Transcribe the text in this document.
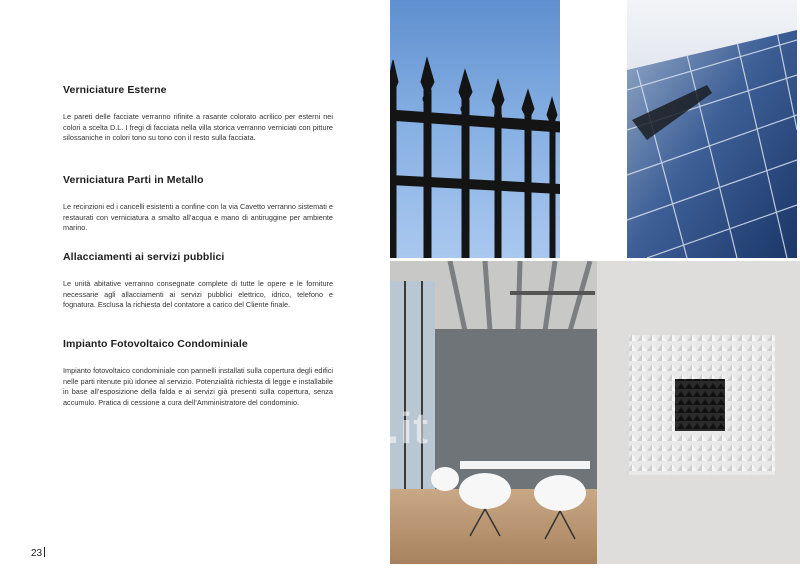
Verniciature Esterne
Le pareti delle facciate verranno rifinite a rasante colorato acrilico per esterni nei colori a scelta D.L. I fregi di facciata nella villa storica verranno verniciati con pitture silossaniche in colori tono su tono con il resto sulla facciata.
Verniciatura Parti in Metallo
Le recinzioni ed i cancelli esistenti a confine con la via Cavetto verranno sistemati e restaurati con verniciatura a smalto all’acqua e mano di antiruggine per ambiente marino.
Allacciamenti ai servizi pubblici
Le unità abitative verranno consegnate complete di tutte le opere e le forniture necessarie agli allacciamenti ai servizi pubblici elettrico, idrico, telefono e fognatura. Esclusa la richiesta del contatore a carico del Cliente finale.
Impianto Fotovoltaico Condominiale
Impianto fotovoltaico condominiale con pannelli installati sulla copertura degli edifici nelle parti ritenute più idonee al servizio. Potenzialità richiesta di legge e installabile in base all’esposizione della falda e ai servizi già presenti sulla copertura, senza accumulo. Pratica di cessione a cura dell’Amministratore del condominio.
23
casa.it
